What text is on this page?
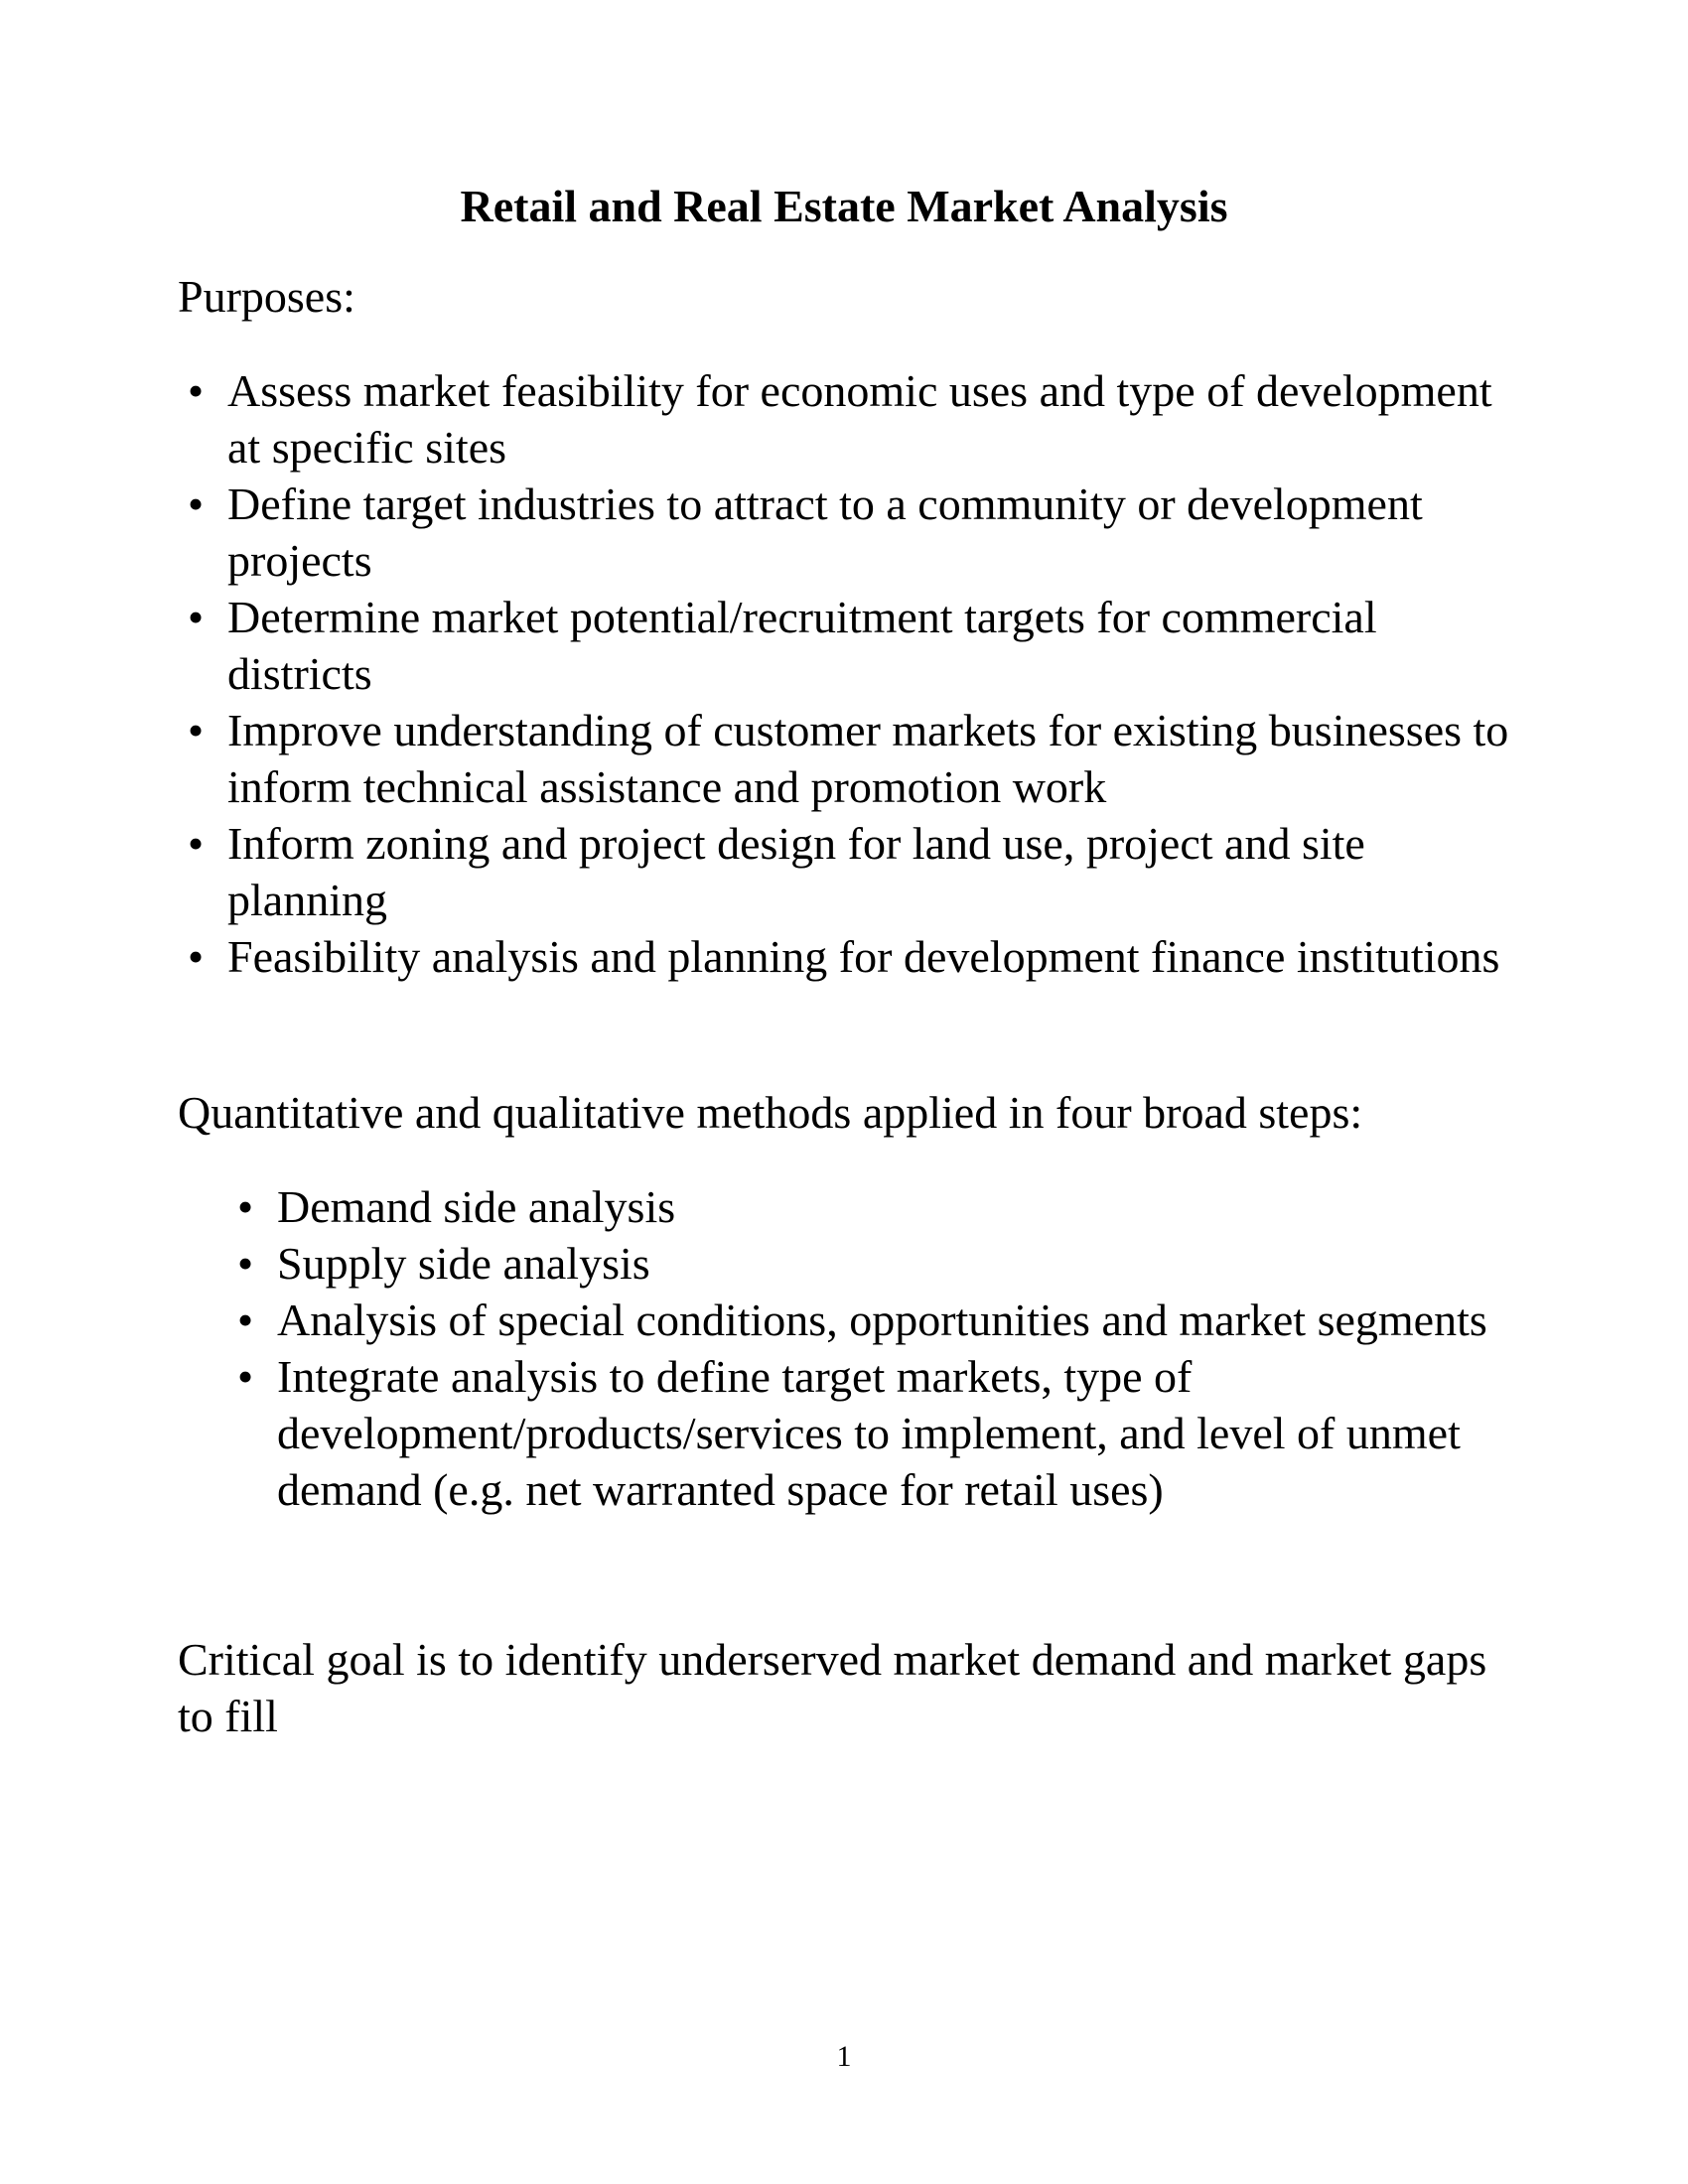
Retail and Real Estate Market Analysis
Purposes:
• Assess market feasibility for economic uses and type of development at specific sites
• Define target industries to attract to a community or development projects
• Determine market potential/recruitment targets for commercial districts
• Improve understanding of customer markets for existing businesses to inform technical assistance and promotion work
• Inform zoning and project design for land use, project and site planning
• Feasibility analysis and planning for development finance institutions
Quantitative and qualitative methods applied in four broad steps:
• Demand side analysis
• Supply side analysis
• Analysis of special conditions, opportunities and market segments
• Integrate analysis to define target markets, type of development/products/services to implement, and level of unmet demand (e.g. net warranted space for retail uses)
Critical goal is to identify underserved market demand and market gaps to fill
1
